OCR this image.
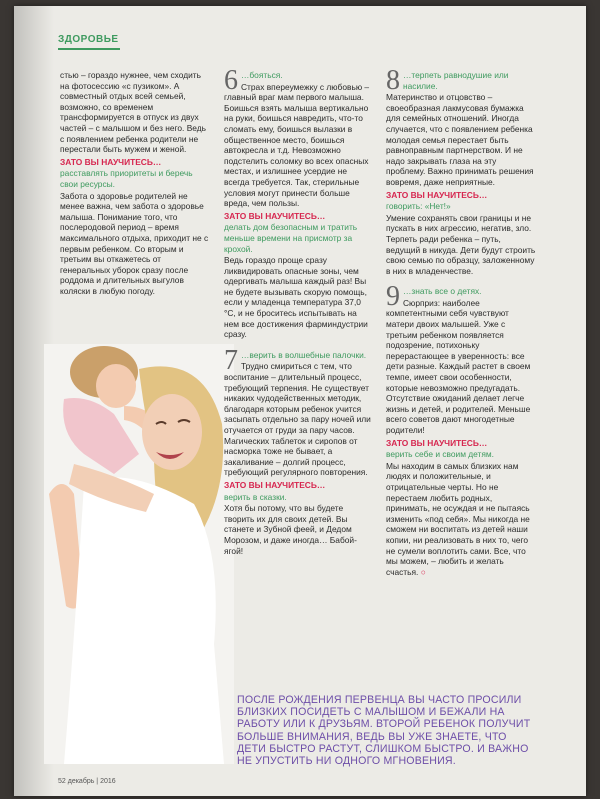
ЗДОРОВЬЕ

стью – гораздо нужнее, чем сходить на фотосессию «с пузиком». А совместный отдых всей семьей, возможно, со временем трансформируется в отпуск из двух частей – с малышом и без него. Ведь с появлением ребенка родители не перестали быть мужем и женой.

ЗАТО ВЫ НАУЧИТЕСЬ…

расставлять приоритеты и беречь свои ресурсы.

Забота о здоровье родителей не менее важна, чем забота о здоровье малыша. Понимание того, что послеродовой период – время максимального отдыха, приходит не с первым ребенком. Со вторым и третьим вы откажетесь от генеральных уборок сразу после роддома и длительных выгулов коляски в любую погоду.

6 …бояться.

Страх впереумежку с любовью – главный враг мам первого малыша. Боишься взять малыша вертикально на руки, боишься навредить, что-то сломать ему, боишься вылазки в общественное место, боишься автокресла и т.д. Невозможно подстелить соломку во всех опасных местах, и излишнее усердие не всегда требуется. Так, стерильные условия могут принести больше вреда, чем пользы.

ЗАТО ВЫ НАУЧИТЕСЬ…

делать дом безопасным и тратить меньше времени на присмотр за крохой.

Ведь гораздо проще сразу ликвидировать опасные зоны, чем одергивать малыша каждый раз! Вы не будете вызывать скорую помощь, если у младенца температура 37,0 °C, и не броситесь испытывать на нем все достижения фарминдустрии сразу.

7 …верить в волшебные палочки.

Трудно смириться с тем, что воспитание – длительный процесс, требующий терпения. Не существует никаких чудодейственных методик, благодаря которым ребенок учится засыпать отдельно за пару ночей или отучается от груди за пару часов. Магических таблеток и сиропов от насморка тоже не бывает, а закаливание – долгий процесс, требующий регулярного повторения.

ЗАТО ВЫ НАУЧИТЕСЬ…

верить в сказки.

Хотя бы потому, что вы будете творить их для своих детей. Вы станете и Зубной феей, и Дедом Морозом, и даже иногда… Бабой-ягой!

8 …терпеть равнодушие или насилие.

Материнство и отцовство – своеобразная лакмусовая бумажка для семейных отношений. Иногда случается, что с появлением ребенка молодая семья перестает быть равноправным партнерством. И не надо закрывать глаза на эту проблему. Важно принимать решения вовремя, даже неприятные.

ЗАТО ВЫ НАУЧИТЕСЬ…

говорить: «Нет!»

Умение сохранять свои границы и не пускать в них агрессию, негатив, зло. Терпеть ради ребенка – путь, ведущий в никуда. Дети будут строить свою семью по образцу, заложенному в них в младенчестве.

9 …знать все о детях.

Сюрприз: наиболее компетентными себя чувствуют матери двоих малышей. Уже с третьим ребенком появляется подозрение, потихоньку перерастающее в уверенность: все дети разные. Каждый растет в своем темпе, имеет свои особенности, которые невозможно предугадать. Отсутствие ожиданий делает легче жизнь и детей, и родителей. Меньше всего советов дают многодетные родители!

ЗАТО ВЫ НАУЧИТЕСЬ…

верить себе и своим детям.

Мы находим в самых близких нам людях и положительные, и отрицательные черты. Но не перестаем любить родных, принимать, не осуждая и не пытаясь изменить «под себя». Мы никогда не сможем ни воспитать из детей наши копии, ни реализовать в них то, чего не сумели воплотить сами. Все, что мы можем, – любить и желать счастья. ○

ПОСЛЕ РОЖДЕНИЯ ПЕРВЕНЦА ВЫ ЧАСТО ПРОСИЛИ БЛИЗКИХ ПОСИДЕТЬ С МАЛЫШОМ И БЕЖАЛИ НА РАБОТУ ИЛИ К ДРУЗЬЯМ. ВТОРОЙ РЕБЕНОК ПОЛУЧИТ БОЛЬШЕ ВНИМАНИЯ, ВЕДЬ ВЫ УЖЕ ЗНАЕТЕ, ЧТО ДЕТИ БЫСТРО РАСТУТ, СЛИШКОМ БЫСТРО. И ВАЖНО НЕ УПУСТИТЬ НИ ОДНОГО МГНОВЕНИЯ.
52 декабрь | 2016
